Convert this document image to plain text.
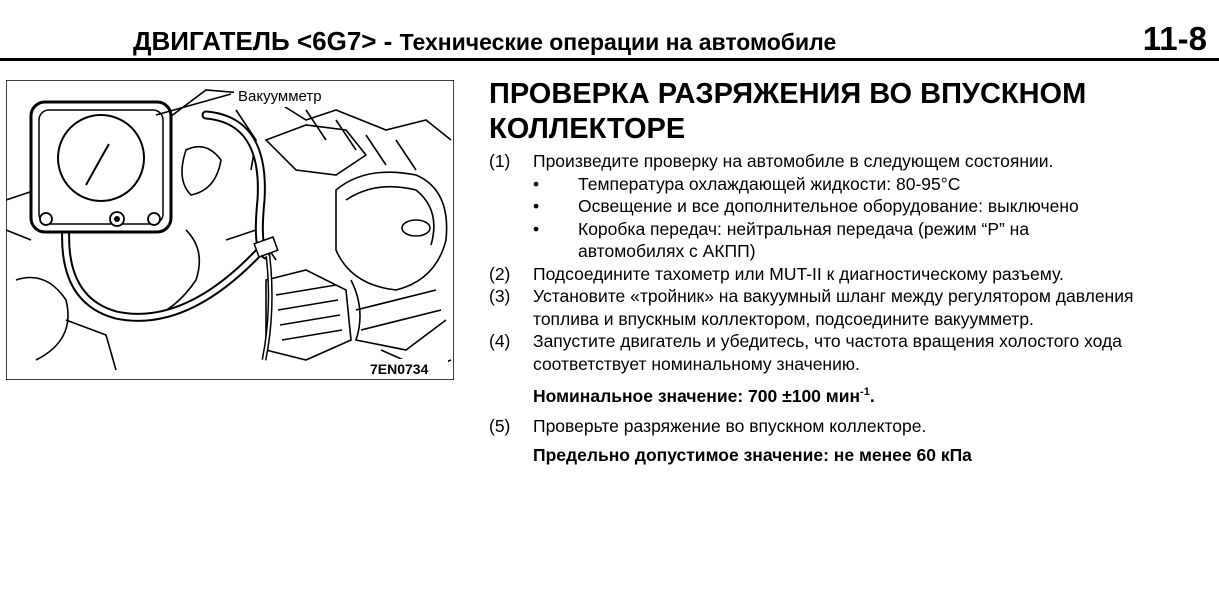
ДВИГАТЕЛЬ <6G7> - Технические операции на автомобиле	11-8
Вакуумметр
7EN0734
ПРОВЕРКА РАЗРЯЖЕНИЯ ВО ВПУСКНОМ
КОЛЛЕКТОРЕ
(1) Произведите проверку на автомобиле в следующем состоянии.
• Температура охлаждающей жидкости: 80-95°C
• Освещение и все дополнительное оборудование: выключено
• Коробка передач: нейтральная передача (режим “P” на автомобилях с АКПП)
(2) Подсоедините тахометр или MUT-II к диагностическому разъему.
(3) Установите «тройник» на вакуумный шланг между регулятором давления топлива и впускным коллектором, подсоедините вакуумметр.
(4) Запустите двигатель и убедитесь, что частота вращения холостого хода соответствует номинальному значению.
Номинальное значение: 700 ±100 мин$^{-1}$.
(5) Проверьте разряжение во впускном коллекторе.
Предельно допустимое значение: не менее 60 кПа
